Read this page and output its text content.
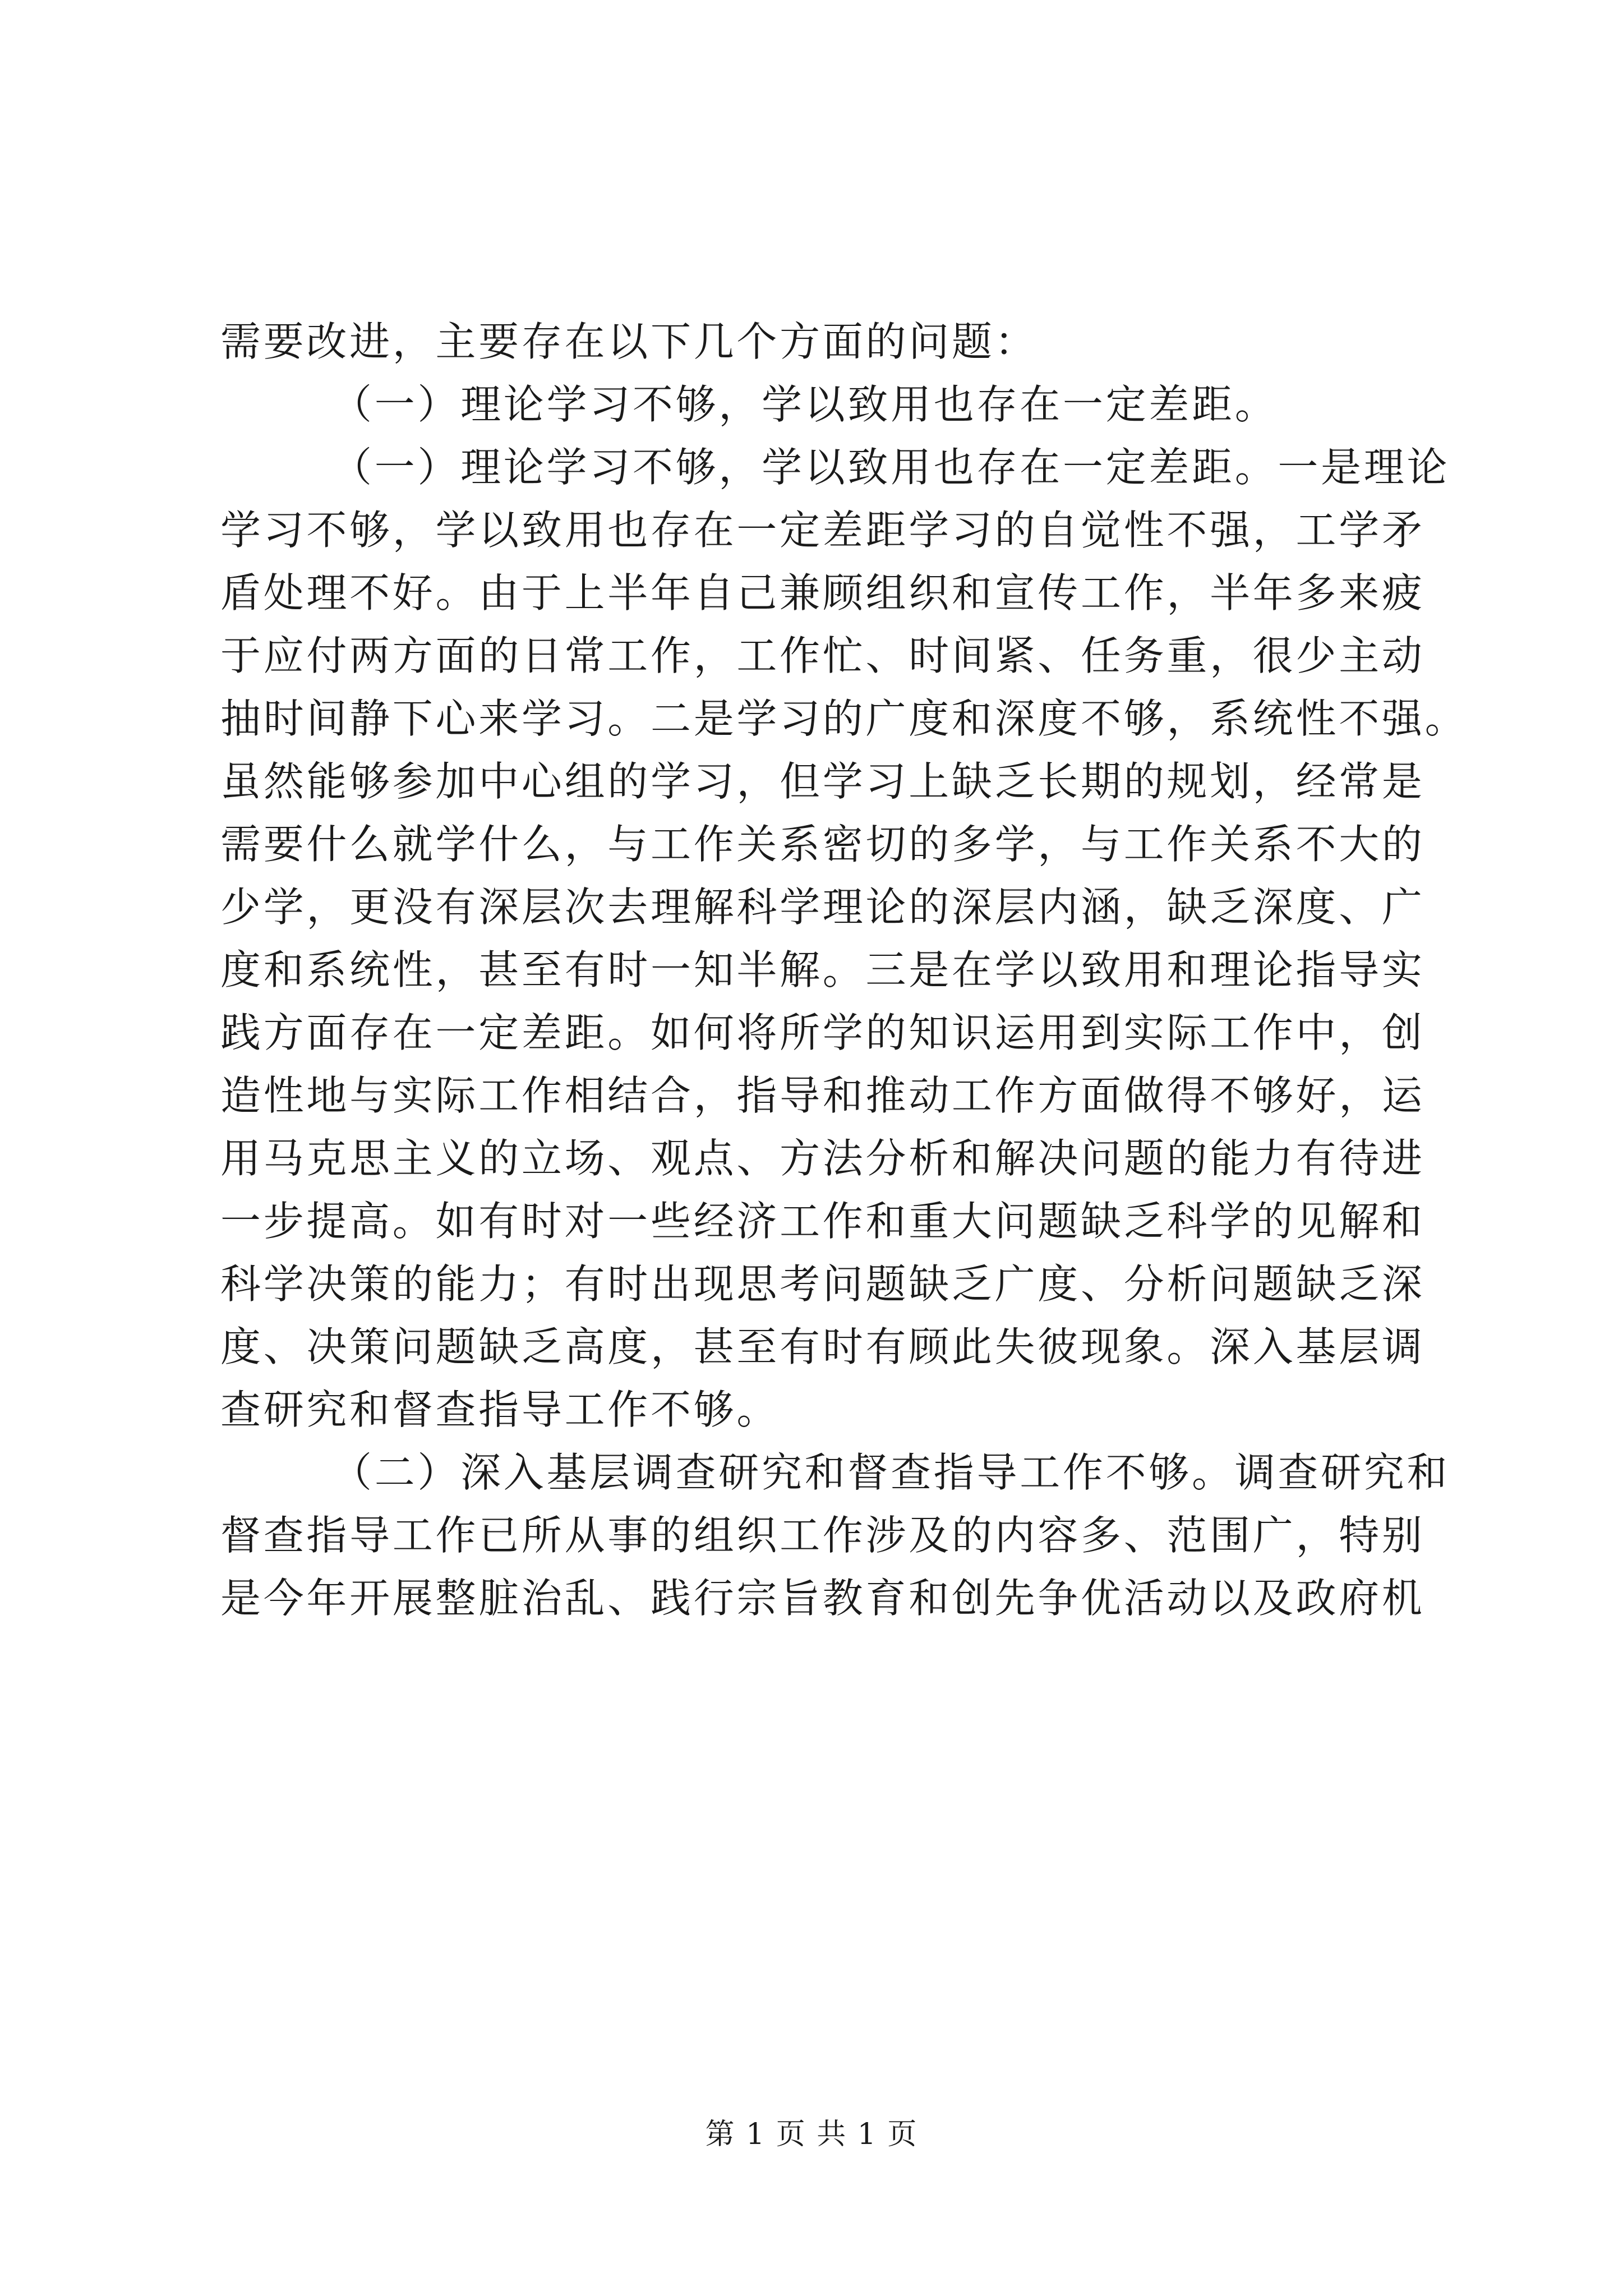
需要改进，主要存在以下几个方面的问题：
（一）理论学习不够，学以致用也存在一定差距。
（一）理论学习不够，学以致用也存在一定差距。一是理论
学习不够，学以致用也存在一定差距学习的自觉性不强，工学矛
盾处理不好。由于上半年自己兼顾组织和宣传工作，半年多来疲
于应付两方面的日常工作，工作忙、时间紧、任务重，很少主动
抽时间静下心来学习。二是学习的广度和深度不够，系统性不强。
虽然能够参加中心组的学习，但学习上缺乏长期的规划，经常是
需要什么就学什么，与工作关系密切的多学，与工作关系不大的
少学，更没有深层次去理解科学理论的深层内涵，缺乏深度、广
度和系统性，甚至有时一知半解。三是在学以致用和理论指导实
践方面存在一定差距。如何将所学的知识运用到实际工作中，创
造性地与实际工作相结合，指导和推动工作方面做得不够好，运
用马克思主义的立场、观点、方法分析和解决问题的能力有待进
一步提高。如有时对一些经济工作和重大问题缺乏科学的见解和
科学决策的能力；有时出现思考问题缺乏广度、分析问题缺乏深
度、决策问题缺乏高度，甚至有时有顾此失彼现象。深入基层调
查研究和督查指导工作不够。
（二）深入基层调查研究和督查指导工作不够。调查研究和
督查指导工作已所从事的组织工作涉及的内容多、范围广，特别
是今年开展整脏治乱、践行宗旨教育和创先争优活动以及政府机
第 1 页 共 1 页
